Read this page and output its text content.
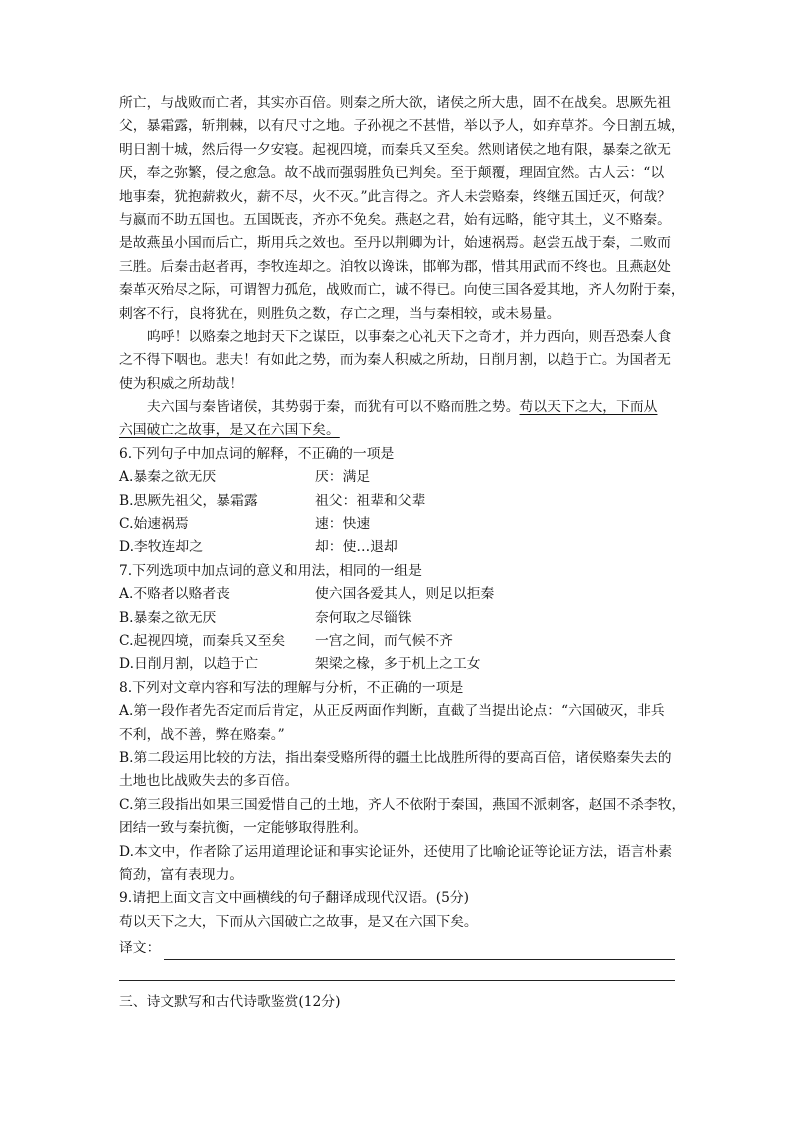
所亡，与战败而亡者，其实亦百倍。则秦之所大欲，诸侯之所大患，固不在战矣。思厥先祖
父，暴霜露，斩荆棘，以有尺寸之地。子孙视之不甚惜，举以予人，如弃草芥。今日割五城，
明日割十城，然后得一夕安寝。起视四境，而秦兵又至矣。然则诸侯之地有限，暴秦之欲无
厌，奉之弥繁，侵之愈急。故不战而强弱胜负已判矣。至于颠覆，理固宜然。古人云：“以
地事秦，犹抱薪救火，薪不尽，火不灭。”此言得之。齐人未尝赂秦，终继五国迁灭，何哉？
与嬴而不助五国也。五国既丧，齐亦不免矣。燕赵之君，始有远略，能守其土，义不赂秦。
是故燕虽小国而后亡，斯用兵之效也。至丹以荆卿为计，始速祸焉。赵尝五战于秦，二败而
三胜。后秦击赵者再，李牧连却之。洎牧以谗诛，邯郸为郡，惜其用武而不终也。且燕赵处
秦革灭殆尽之际，可谓智力孤危，战败而亡，诚不得已。向使三国各爱其地，齐人勿附于秦，
刺客不行，良将犹在，则胜负之数，存亡之理，当与秦相较，或未易量。
呜呼！以赂秦之地封天下之谋臣，以事秦之心礼天下之奇才，并力西向，则吾恐秦人食
之不得下咽也。悲夫！有如此之势，而为秦人积威之所劫，日削月割，以趋于亡。为国者无
使为积威之所劫哉！
夫六国与秦皆诸侯，其势弱于秦，而犹有可以不赂而胜之势。苟以天下之大，下而从
六国破亡之故事，是又在六国下矣。
6.下列句子中加点词的解释，不正确的一项是
A.暴秦之欲无厌	厌：满足
B.思厥先祖父，暴霜露	祖父：祖辈和父辈
C.始速祸焉	速：快速
D.李牧连却之	却：使…退却
7.下列选项中加点词的意义和用法，相同的一组是
A.不赂者以赂者丧	使六国各爱其人，则足以拒秦
B.暴秦之欲无厌	奈何取之尽锱铢
C.起视四境，而秦兵又至矣	一宫之间，而气候不齐
D.日削月割，以趋于亡	架梁之椽，多于机上之工女
8.下列对文章内容和写法的理解与分析，不正确的一项是
A.第一段作者先否定而后肯定，从正反两面作判断，直截了当提出论点：“六国破灭，非兵
不利，战不善，弊在赂秦。”
B.第二段运用比较的方法，指出秦受赂所得的疆土比战胜所得的要高百倍，诸侯赂秦失去的
土地也比战败失去的多百倍。
C.第三段指出如果三国爱惜自己的土地，齐人不依附于秦国，燕国不派刺客，赵国不杀李牧，
团结一致与秦抗衡，一定能够取得胜利。
D.本文中，作者除了运用道理论证和事实论证外，还使用了比喻论证等论证方法，语言朴素
简劲，富有表现力。
9.请把上面文言文中画横线的句子翻译成现代汉语。(5分)
苟以天下之大，下而从六国破亡之故事，是又在六国下矣。
译文：
三、诗文默写和古代诗歌鉴赏(12分)
